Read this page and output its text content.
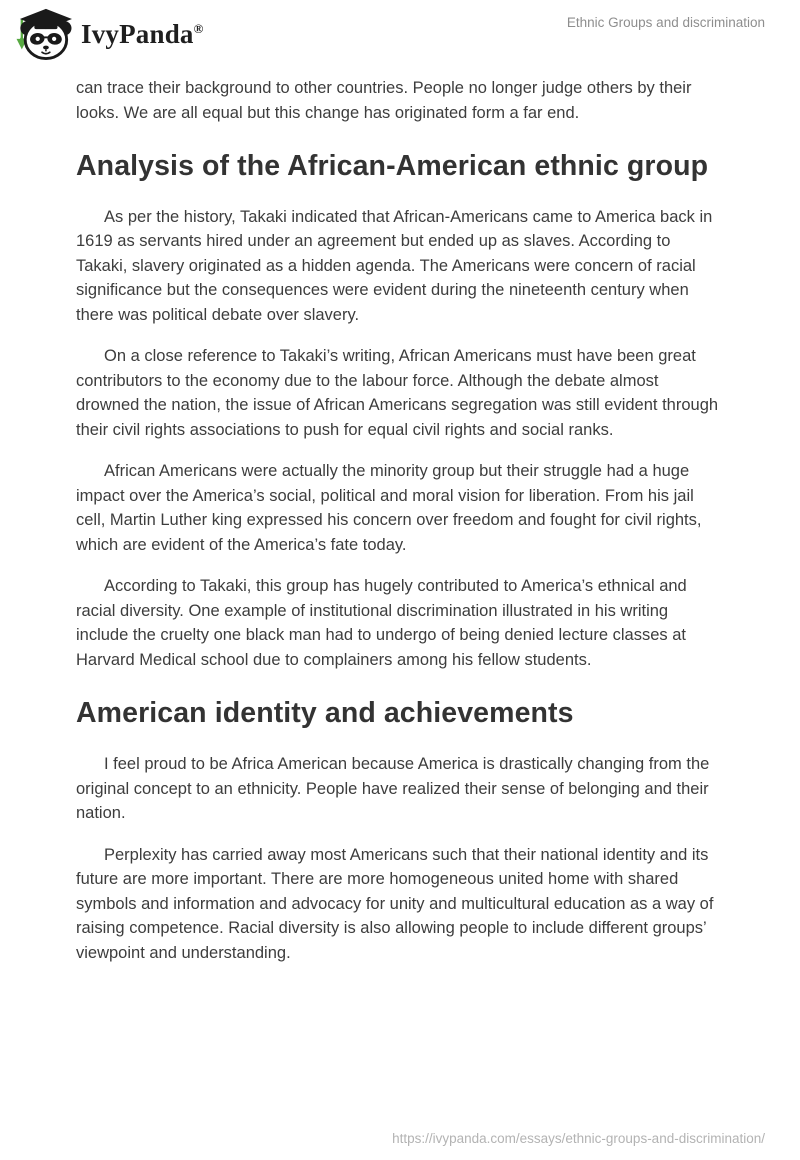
IvyPanda®	Ethnic Groups and discrimination

can trace their background to other countries. People no longer judge others by their looks. We are all equal but this change has originated form a far end.

Analysis of the African-American ethnic group

As per the history, Takaki indicated that African-Americans came to America back in 1619 as servants hired under an agreement but ended up as slaves. According to Takaki, slavery originated as a hidden agenda. The Americans were concern of racial significance but the consequences were evident during the nineteenth century when there was political debate over slavery.

On a close reference to Takaki’s writing, African Americans must have been great contributors to the economy due to the labour force. Although the debate almost drowned the nation, the issue of African Americans segregation was still evident through their civil rights associations to push for equal civil rights and social ranks.

African Americans were actually the minority group but their struggle had a huge impact over the America’s social, political and moral vision for liberation. From his jail cell, Martin Luther king expressed his concern over freedom and fought for civil rights, which are evident of the America’s fate today.

According to Takaki, this group has hugely contributed to America’s ethnical and racial diversity. One example of institutional discrimination illustrated in his writing include the cruelty one black man had to undergo of being denied lecture classes at Harvard Medical school due to complainers among his fellow students.

American identity and achievements

I feel proud to be Africa American because America is drastically changing from the original concept to an ethnicity. People have realized their sense of belonging and their nation.

Perplexity has carried away most Americans such that their national identity and its future are more important. There are more homogeneous united home with shared symbols and information and advocacy for unity and multicultural education as a way of raising competence. Racial diversity is also allowing people to include different groups’ viewpoint and understanding.

https://ivypanda.com/essays/ethnic-groups-and-discrimination/
